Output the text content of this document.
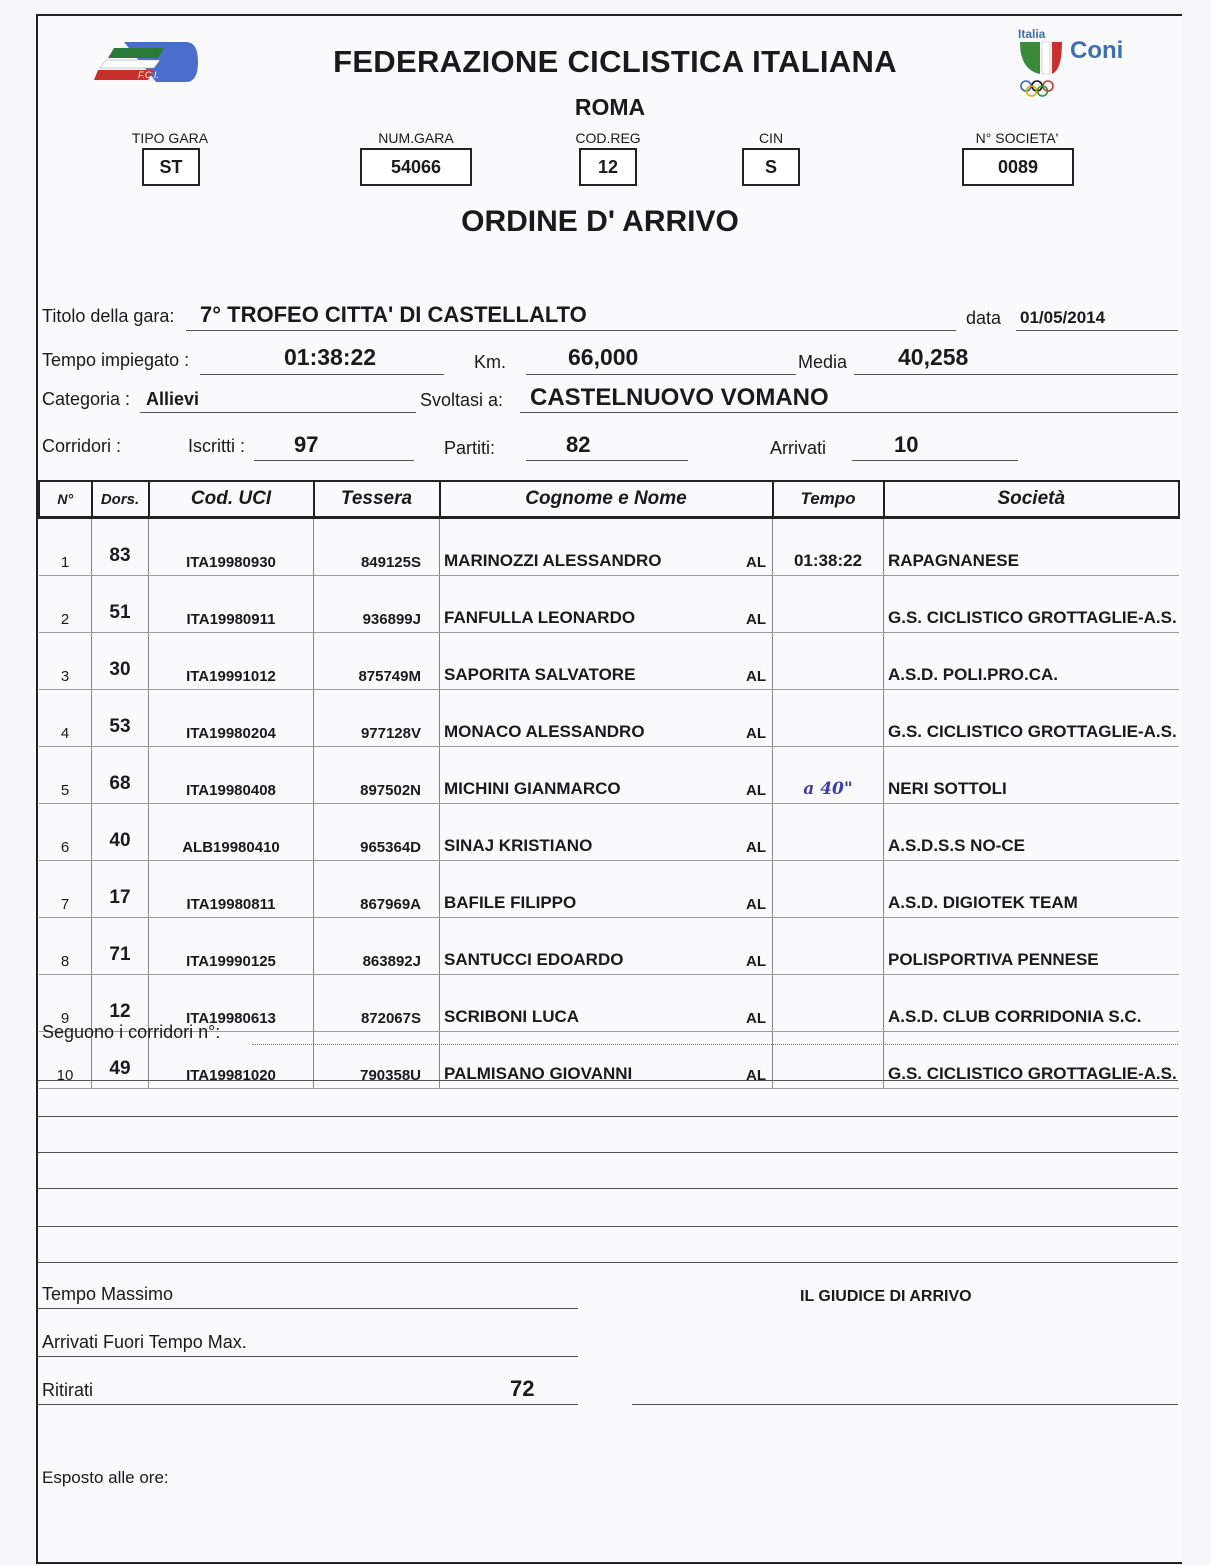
F.C.I.
Italia
Coni
FEDERAZIONE CICLISTICA ITALIANA
ROMA
TIPO GARA
ST
NUM.GARA
54066
COD.REG
12
CIN
S
N° SOCIETA'
0089
ORDINE D' ARRIVO
Titolo della gara: 7° TROFEO CITTA' DI CASTELLALTO	data 01/05/2014
Tempo impiegato :	01:38:22	Km.	66,000	Media 40,258
Categoria : Allievi	Svoltasi a: CASTELNUOVO VOMANO
Corridori :	Iscritti : 97	Partiti:	82	Arrivati	10
N°	Dors.	Cod. UCI	Tessera	Cognome e Nome	Tempo	Società
1	83	ITA19980930	849125S	MARINOZZI ALESSANDRO AL	01:38:22	RAPAGNANESE
2	51	ITA19980911	936899J	FANFULLA LEONARDO AL		G.S. CICLISTICO GROTTAGLIE-A.S.
3	30	ITA19991012	875749M	SAPORITA SALVATORE AL		A.S.D. POLI.PRO.CA.
4	53	ITA19980204	977128V	MONACO ALESSANDRO AL		G.S. CICLISTICO GROTTAGLIE-A.S.
5	68	ITA19980408	897502N	MICHINI GIANMARCO AL	a 40"	NERI SOTTOLI
6	40	ALB19980410	965364D	SINAJ KRISTIANO AL		A.S.D.S.S NO-CE
7	17	ITA19980811	867969A	BAFILE FILIPPO AL		A.S.D. DIGIOTEK TEAM
8	71	ITA19990125	863892J	SANTUCCI EDOARDO AL		POLISPORTIVA PENNESE
9	12	ITA19980613	872067S	SCRIBONI LUCA AL		A.S.D. CLUB CORRIDONIA S.C.
10	49	ITA19981020	790358U	PALMISANO GIOVANNI AL		G.S. CICLISTICO GROTTAGLIE-A.S.
Seguono i corridori n°:
Tempo Massimo	IL GIUDICE DI ARRIVO
Arrivati Fuori Tempo Max.
Ritirati	72
Esposto alle ore:
